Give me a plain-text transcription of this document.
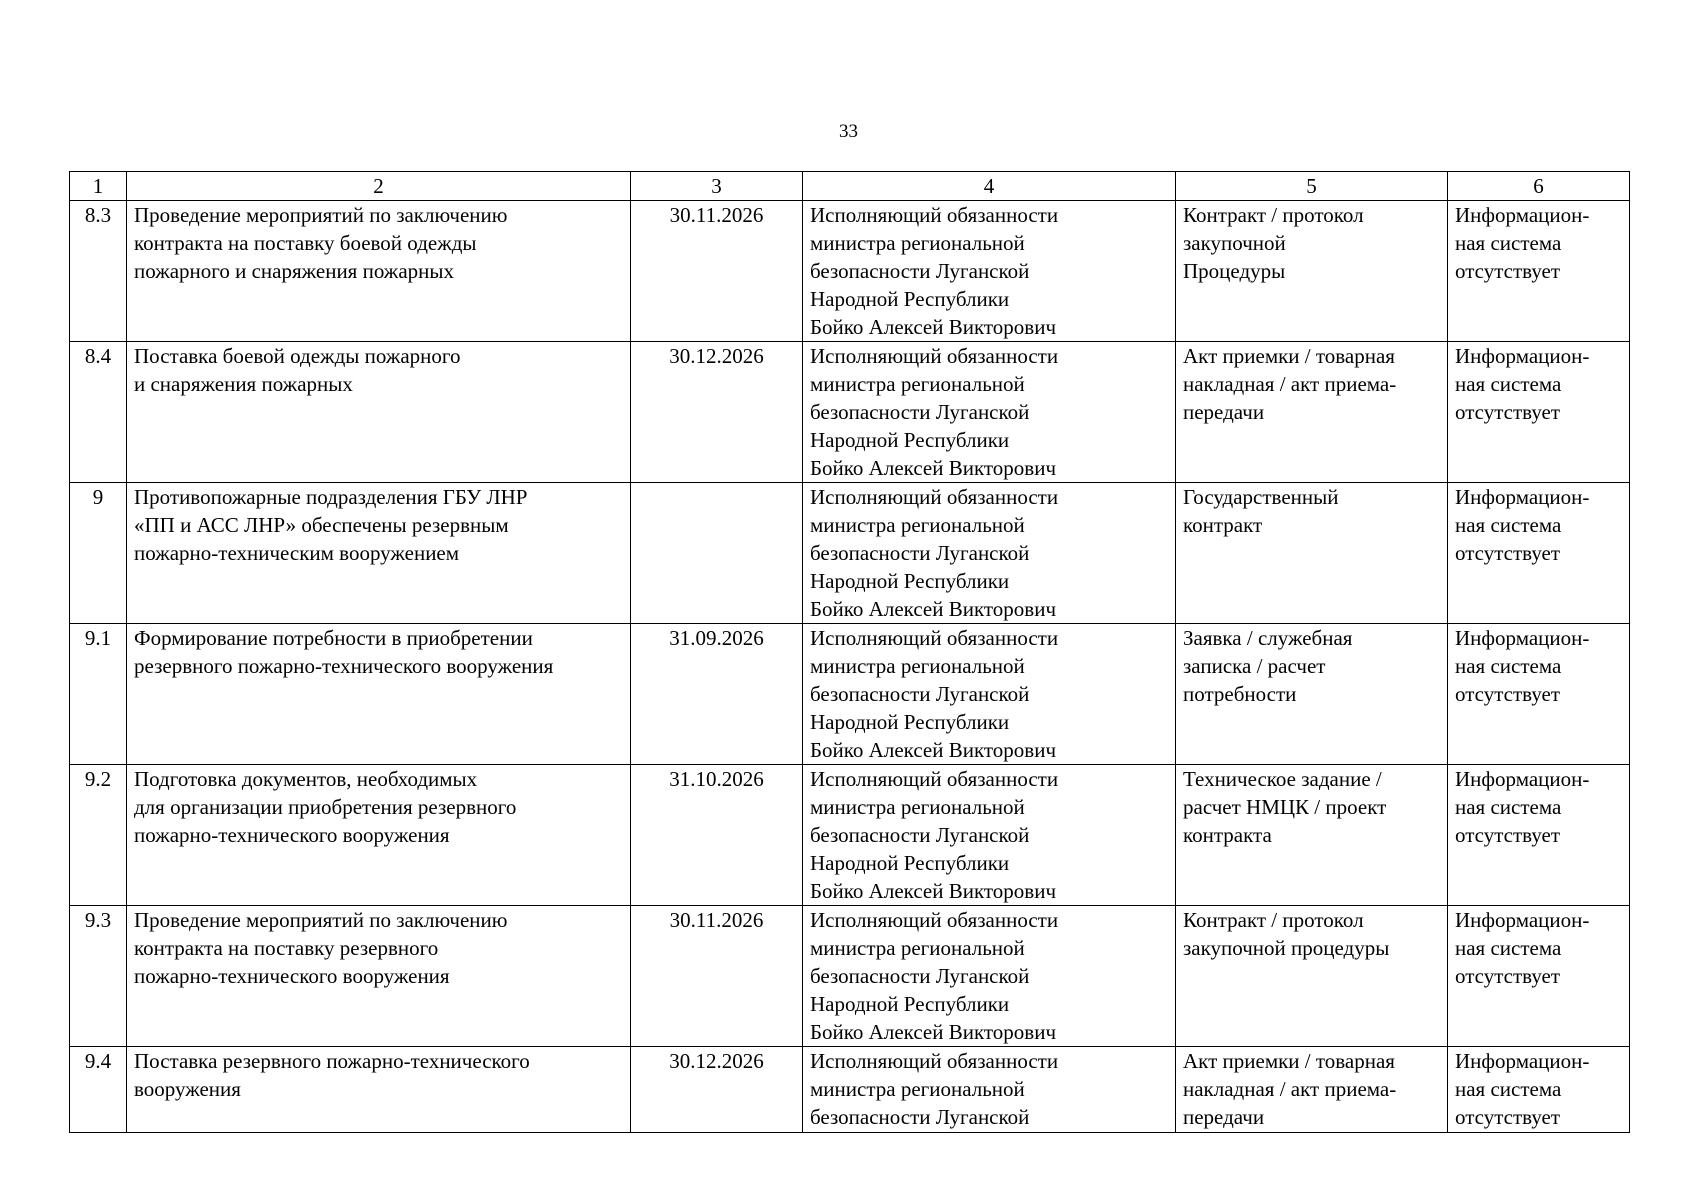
33
1	2	3	4	5	6
8.3	Проведение мероприятий по заключению
контракта на поставку боевой одежды
пожарного и снаряжения пожарных	30.11.2026	Исполняющий обязанности
министра региональной
безопасности Луганской
Народной Республики
Бойко Алексей Викторович	Контракт / протокол
закупочной
Процедуры	Информацион-
ная система
отсутствует

8.4	Поставка боевой одежды пожарного
и снаряжения пожарных	30.12.2026	Исполняющий обязанности
министра региональной
безопасности Луганской
Народной Республики
Бойко Алексей Викторович	Акт приемки / товарная
накладная / акт приема-
передачи	Информацион-
ная система
отсутствует

9	Противопожарные подразделения ГБУ ЛНР
«ПП и АСС ЛНР» обеспечены резервным
пожарно-техническим вооружением		Исполняющий обязанности
министра региональной
безопасности Луганской
Народной Республики
Бойко Алексей Викторович	Государственный
контракт	Информацион-
ная система
отсутствует

9.1	Формирование потребности в приобретении
резервного пожарно-технического вооружения	31.09.2026	Исполняющий обязанности
министра региональной
безопасности Луганской
Народной Республики
Бойко Алексей Викторович	Заявка / служебная
записка / расчет
потребности	Информацион-
ная система
отсутствует

9.2	Подготовка документов, необходимых
для организации приобретения резервного
пожарно-технического вооружения	31.10.2026	Исполняющий обязанности
министра региональной
безопасности Луганской
Народной Республики
Бойко Алексей Викторович	Техническое задание /
расчет НМЦК / проект
контракта	Информацион-
ная система
отсутствует

9.3	Проведение мероприятий по заключению
контракта на поставку резервного
пожарно-технического вооружения	30.11.2026	Исполняющий обязанности
министра региональной
безопасности Луганской
Народной Республики
Бойко Алексей Викторович	Контракт / протокол
закупочной процедуры	Информацион-
ная система
отсутствует

9.4	Поставка резервного пожарно-технического
вооружения	30.12.2026	Исполняющий обязанности
министра региональной
безопасности Луганской	Акт приемки / товарная
накладная / акт приема-
передачи	Информацион-
ная система
отсутствует
